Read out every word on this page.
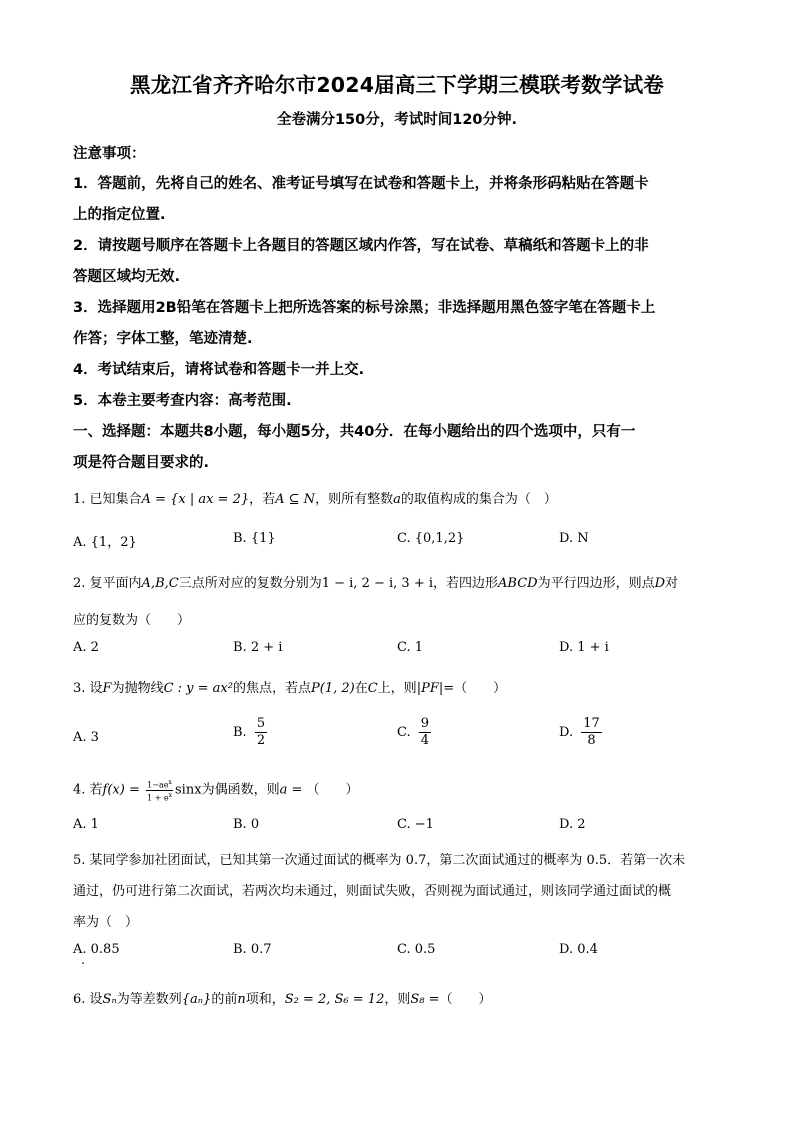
黑龙江省齐齐哈尔市2024届高三下学期三模联考数学试卷
全卷满分150分，考试时间120分钟.
注意事项：
1．答题前，先将自己的姓名、准考证号填写在试卷和答题卡上，并将条形码粘贴在答题卡
上的指定位置.
2．请按题号顺序在答题卡上各题目的答题区域内作答，写在试卷、草稿纸和答题卡上的非
答题区域均无效.
3．选择题用2B铅笔在答题卡上把所选答案的标号涂黑；非选择题用黑色签字笔在答题卡上
作答；字体工整，笔迹清楚.
4．考试结束后，请将试卷和答题卡一并上交.
5．本卷主要考查内容：高考范围.
一、选择题：本题共8小题，每小题5分，共40分．在每小题给出的四个选项中，只有一
项是符合题目要求的.
1. 已知集合A = {x | ax = 2}，若A ⊆ N，则所有整数a的取值构成的集合为（　）
A. {1，2}	B. {1}	C. {0,1,2}	D. N
2. 复平面内A,B,C三点所对应的复数分别为1 − i, 2 − i, 3 + i，若四边形ABCD为平行四边形，则点D对
应的复数为（　　）
A. 2	B. 2 + i	C. 1	D. 1 + i
3. 设F为抛物线C : y = ax²的焦点，若点P(1, 2)在C上，则|PF|=（　　）
A. 3	B. $\frac{5}{2}$	C. $\frac{9}{4}$	D. $\frac{17}{8}$
4. 若$f(x) = \frac{1-ae^x}{1 + e^x}$ sinx为偶函数，则a = （　　）
A. 1	B. 0	C. −1	D. 2
5. 某同学参加社团面试，已知其第一次通过面试的概率为 0.7，第二次面试通过的概率为 0.5．若第一次未
通过，仍可进行第二次面试，若两次均未通过，则面试失败，否则视为面试通过，则该同学通过面试的概
率为（　）
A. 0.85	B. 0.7	C. 0.5	D. 0.4
6. 设Sₙ为等差数列{aₙ}的前n项和，S₂ = 2, S₆ = 12，则S₈ =（　　）
